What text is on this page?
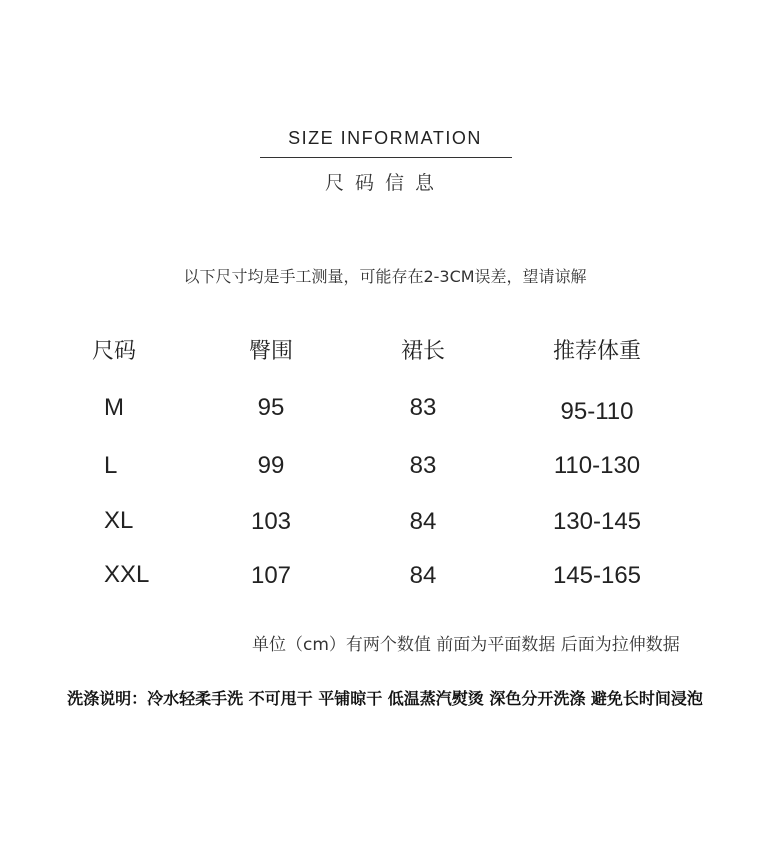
SIZE INFORMATION
尺码信息
以下尺寸均是手工测量，可能存在2-3CM误差，望请谅解
尺码	臀围	裙长	推荐体重
M	95	83	95-110
L	99	83	110-130
XL	103	84	130-145
XXL	107	84	145-165
单位（cm）有两个数值 前面为平面数据 后面为拉伸数据
洗涤说明：冷水轻柔手洗 不可甩干 平铺晾干 低温蒸汽熨烫 深色分开洗涤 避免长时间浸泡
